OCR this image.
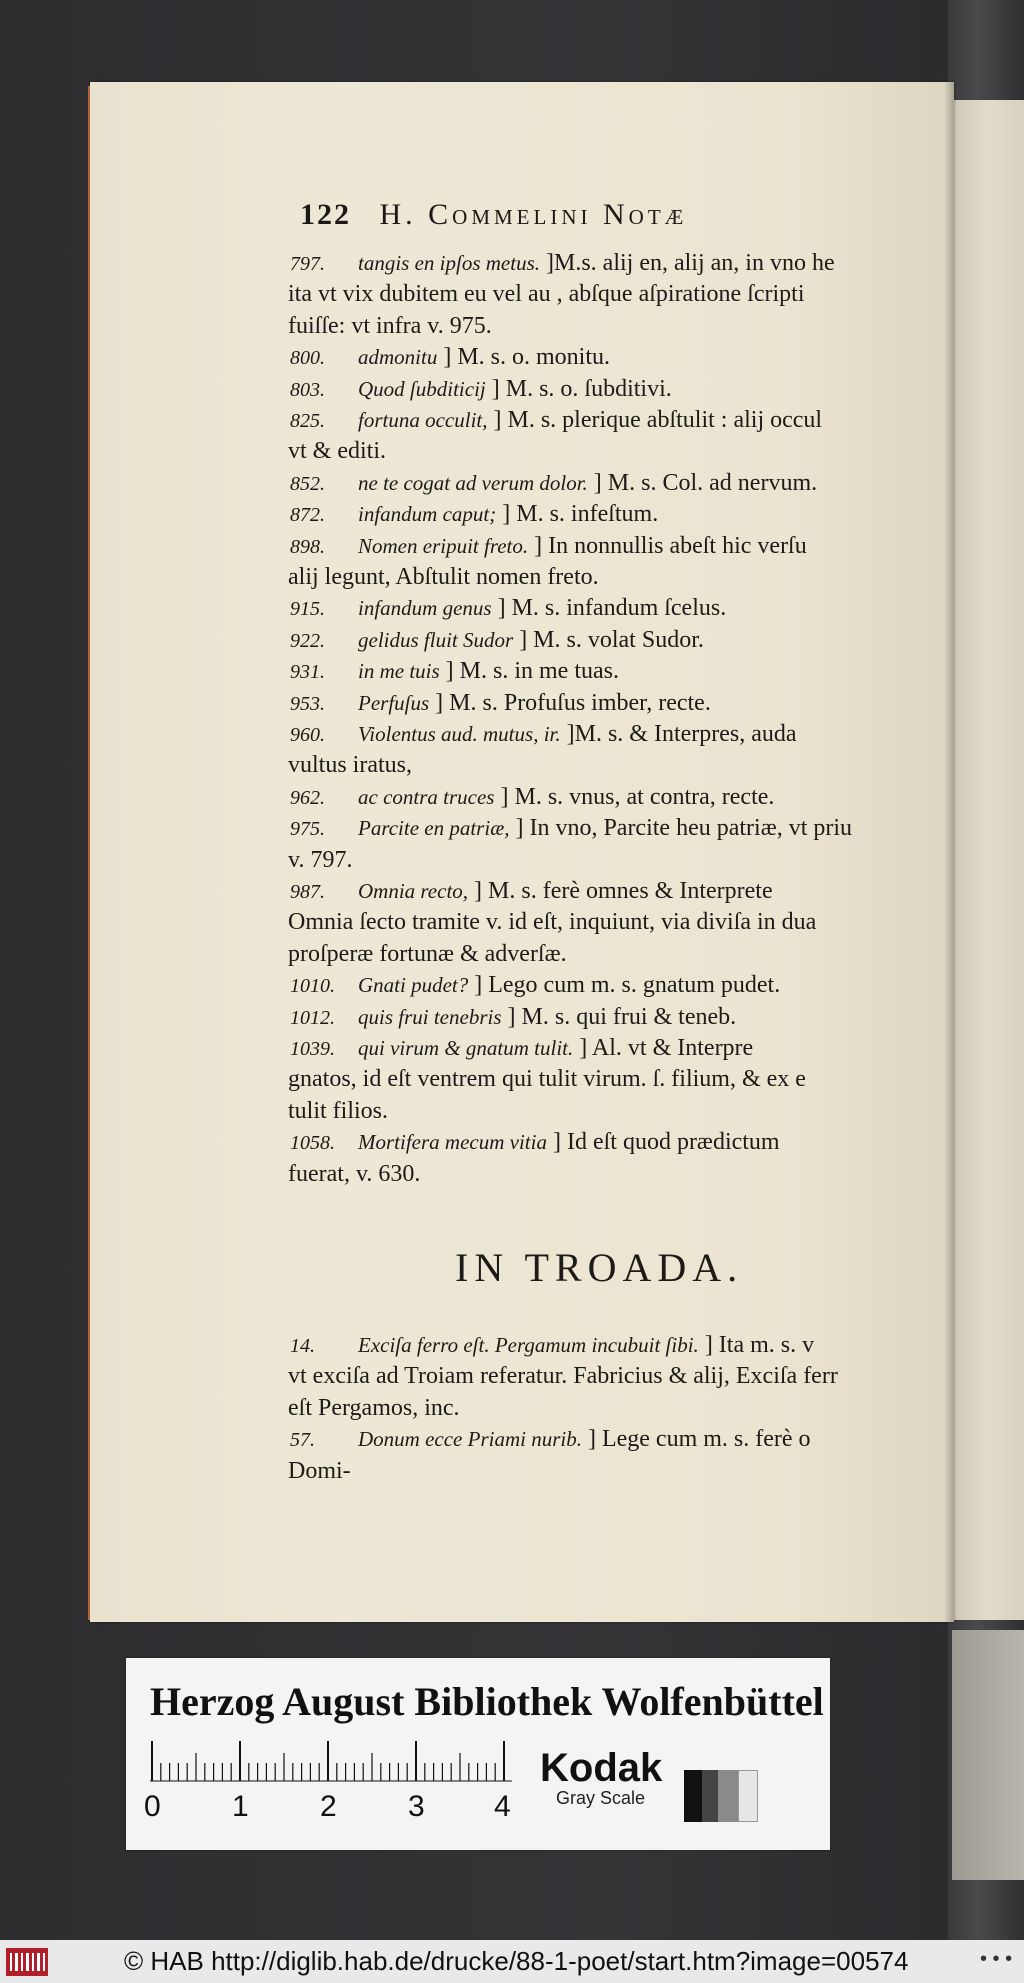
122 H. Commelini Notæ
797. tangis en ipſos metus. ]M.s. alij en, alij an, in vno he
ita vt vix dubitem eu vel au , abſque aſpiratione ſcripti
fuiſſe: vt infra v. 975.
800. admonitu ] M. s. o. monitu.
803. Quod ſubditicij ] M. s. o. ſubditivi.
825. fortuna occulit, ] M. s. plerique abſtulit : alij occul
vt & editi.
852. ne te cogat ad verum dolor. ] M. s. Col. ad nervum.
872. infandum caput; ] M. s. infeſtum.
898. Nomen eripuit freto. ] In nonnullis abeſt hic verſu
alij legunt, Abſtulit nomen freto.
915. infandum genus ] M. s. infandum ſcelus.
922. gelidus fluit Sudor ] M. s. volat Sudor.
931. in me tuis ] M. s. in me tuas.
953. Perfuſus ] M. s. Profuſus imber, recte.
960. Violentus aud. mutus, ir. ]M. s. & Interpres, auda
vultus iratus,
962. ac contra truces ] M. s. vnus, at contra, recte.
975. Parcite en patriæ, ] In vno, Parcite heu patriæ, vt priu
v. 797.
987. Omnia recto, ] M. s. ferè omnes & Interprete
Omnia ſecto tramite v. id eſt, inquiunt, via diviſa in dua
proſperæ fortunæ & adverſæ.
1010. Gnati pudet? ] Lego cum m. s. gnatum pudet.
1012. quis frui tenebris ] M. s. qui frui & teneb.
1039. qui virum & gnatum tulit. ] Al. vt & Interpre
gnatos, id eſt ventrem qui tulit virum. ſ. filium, & ex e
tulit filios.
1058. Mortifera mecum vitia ] Id eſt quod prædictum
fuerat, v. 630.
IN TROADA.
14. Exciſa ferro eſt. Pergamum incubuit ſibi. ] Ita m. s. v
vt exciſa ad Troiam referatur. Fabricius & alij, Exciſa ferr
eſt Pergamos, inc.
57. Donum ecce Priami nurib. ] Lege cum m. s. ferè o
Domi-
Herzog August Bibliothek Wolfenbüttel
0 1 2 3 4
Kodak
Gray Scale
© HAB http://diglib.hab.de/drucke/88-1-poet/start.htm?image=00574	• • •
